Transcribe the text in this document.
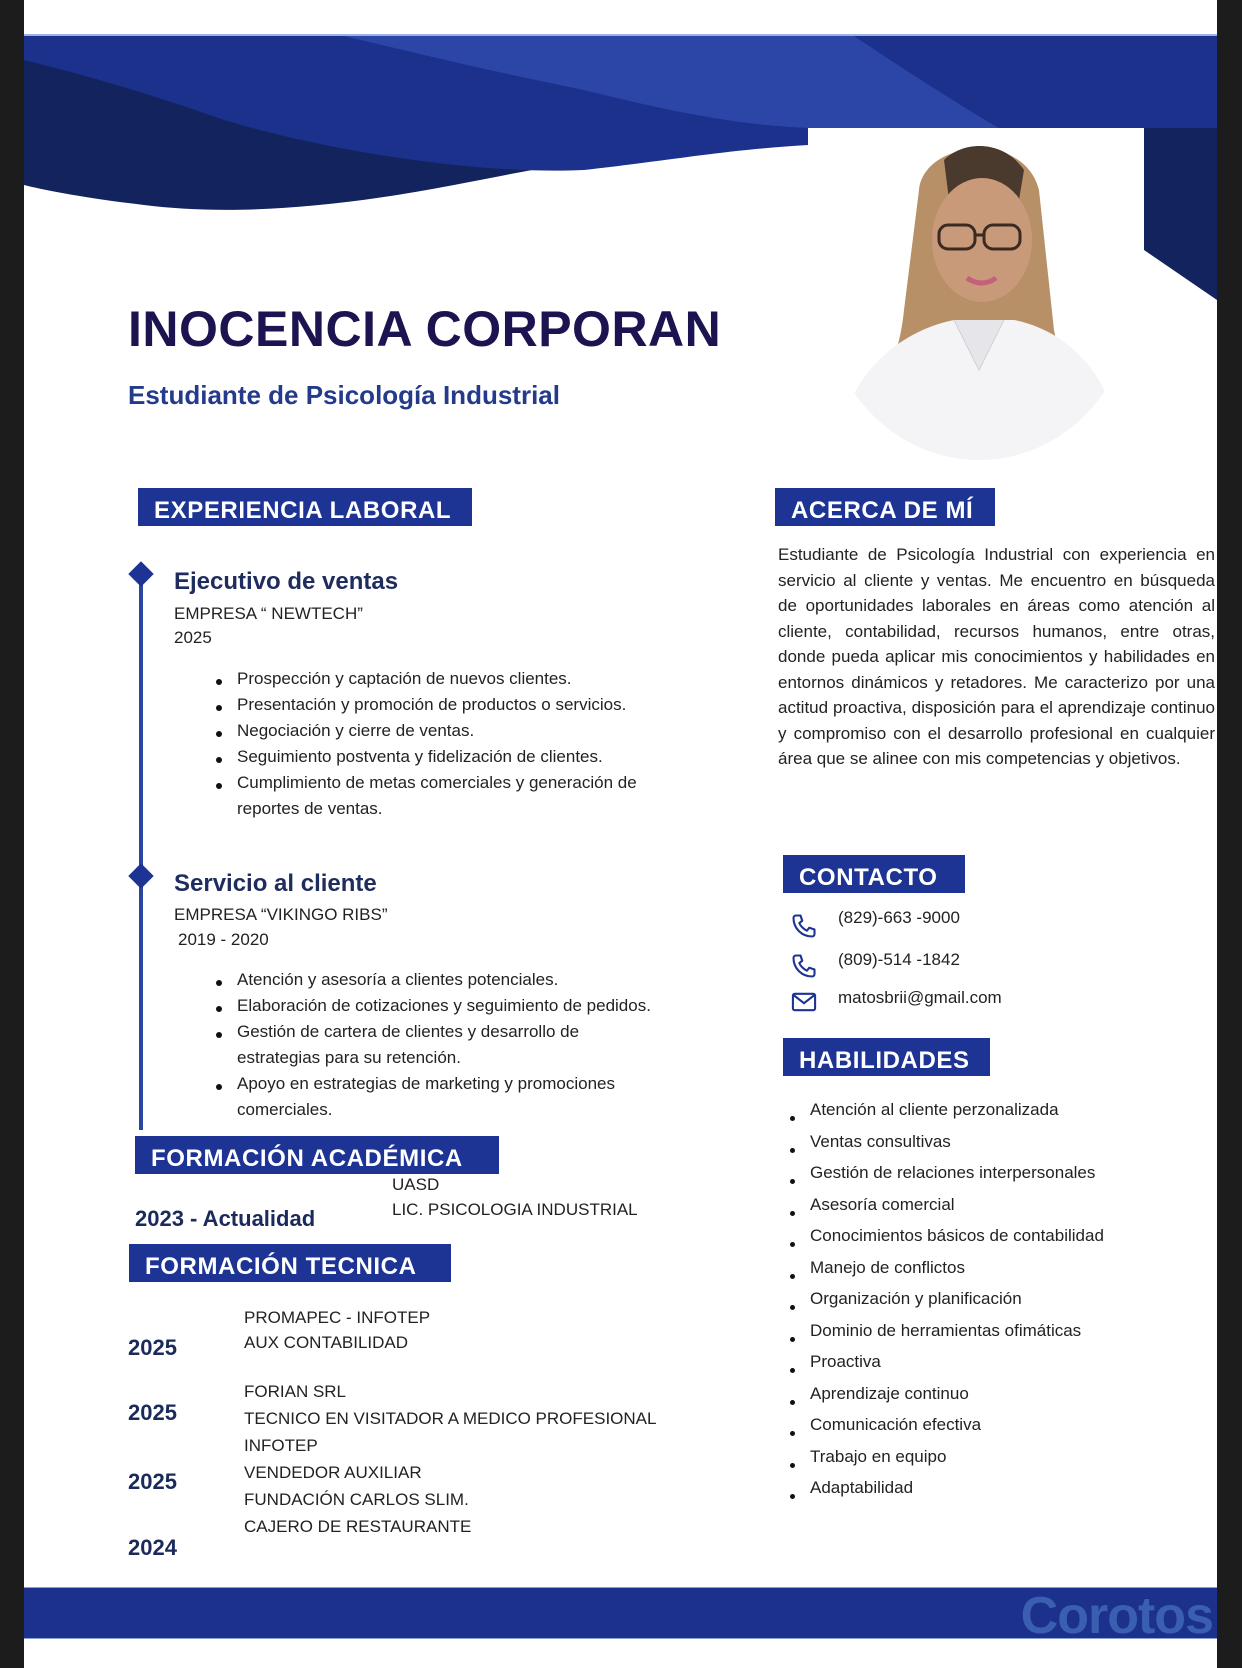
INOCENCIA CORPORAN
Estudiante de Psicología Industrial
EXPERIENCIA LABORAL
Ejecutivo de ventas
EMPRESA “ NEWTECH”
2025
Prospección y captación de nuevos clientes.
Presentación y promoción de productos o servicios.
Negociación y cierre de ventas.
Seguimiento postventa y fidelización de clientes.
Cumplimiento de metas comerciales y generación de
reportes de ventas.
Servicio al cliente
EMPRESA “VIKINGO RIBS”
2019 - 2020
Atención y asesoría a clientes potenciales.
Elaboración de cotizaciones y seguimiento de pedidos.
Gestión de cartera de clientes y desarrollo de
estrategias para su retención.
Apoyo en estrategias de marketing y promociones
comerciales.
FORMACIÓN ACADÉMICA
UASD
LIC. PSICOLOGIA INDUSTRIAL
2023 - Actualidad
FORMACIÓN TECNICA
2025
2025
2025
2024
PROMAPEC - INFOTEP
AUX CONTABILIDAD
FORIAN SRL
TECNICO EN VISITADOR A MEDICO PROFESIONAL
INFOTEP
VENDEDOR AUXILIAR
FUNDACIÓN CARLOS SLIM.
CAJERO DE RESTAURANTE
ACERCA DE MÍ
Estudiante de Psicología Industrial con experiencia en servicio al cliente y ventas. Me encuentro en búsqueda de oportunidades laborales en áreas como atención al cliente, contabilidad, recursos humanos, entre otras, donde pueda aplicar mis conocimientos y habilidades en entornos dinámicos y retadores. Me caracterizo por una actitud proactiva, disposición para el aprendizaje continuo y compromiso con el desarrollo profesional en cualquier área que se alinee con mis competencias y objetivos.
CONTACTO
(829)-663 -9000
(809)-514 -1842
matosbrii@gmail.com
HABILIDADES
Atención al cliente perzonalizada
Ventas consultivas
Gestión de relaciones interpersonales
Asesoría comercial
Conocimientos básicos de contabilidad
Manejo de conflictos
Organización y planificación
Dominio de herramientas ofimáticas
Proactiva
Aprendizaje continuo
Comunicación efectiva
Trabajo en equipo
Adaptabilidad
Corotos
